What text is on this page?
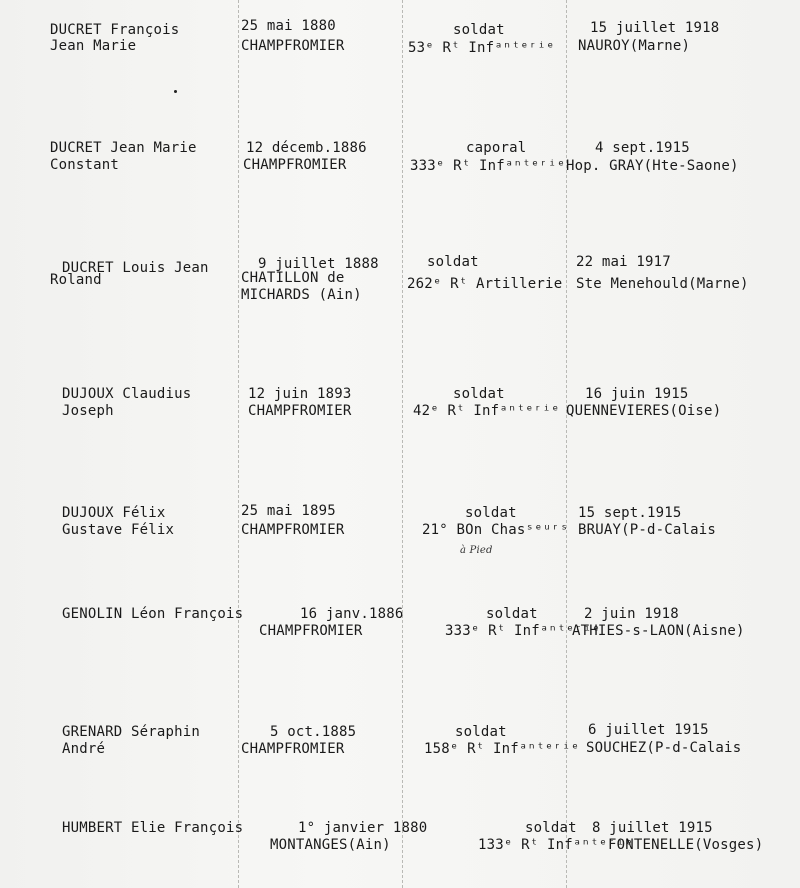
DUCRET François
Jean Marie
25 mai 1880
CHAMPFROMIER
soldat
53ᵉ Rᵗ Infᵃⁿᵗᵉʳⁱᵉ
15 juillet 1918
NAUROY(Marne)
DUCRET Jean Marie
Constant
12 décemb.1886
CHAMPFROMIER
caporal
333ᵉ Rᵗ Infᵃⁿᵗᵉʳⁱᵉ
4 sept.1915
Hop. GRAY(Hte-Saone)
DUCRET Louis Jean
Roland
9 juillet 1888
CHATILLON de
MICHARDS (Ain)
soldat
262ᵉ Rᵗ Artillerie
22 mai 1917
Ste Menehould(Marne)
DUJOUX Claudius
Joseph
12 juin 1893
CHAMPFROMIER
soldat
42ᵉ Rᵗ Infᵃⁿᵗᵉʳⁱᵉ
16 juin 1915
QUENNEVIERES(Oise)
DUJOUX Félix
Gustave Félix
25 mai 1895
CHAMPFROMIER
soldat
21° BOn Chasˢᵉᵘʳˢ
à Pied
15 sept.1915
BRUAY(P-d-Calais
GENOLIN Léon François	16 janv.1886
CHAMPFROMIER
soldat
333ᵉ Rᵗ Infᵃⁿᵗᵉʳⁱᵉ
2 juin 1918
ATHIES-s-LAON(Aisne)
GRENARD Séraphin
André
5 oct.1885
CHAMPFROMIER
soldat
158ᵉ Rᵗ Infᵃⁿᵗᵉʳⁱᵉ
6 juillet 1915
SOUCHEZ(P-d-Calais
HUMBERT Elie François	1° janvier 1880
MONTANGES(Ain)
soldat
133ᵉ Rᵗ Infᵃⁿᵗᵉʳⁱᵉ
8 juillet 1915
FONTENELLE(Vosges)
